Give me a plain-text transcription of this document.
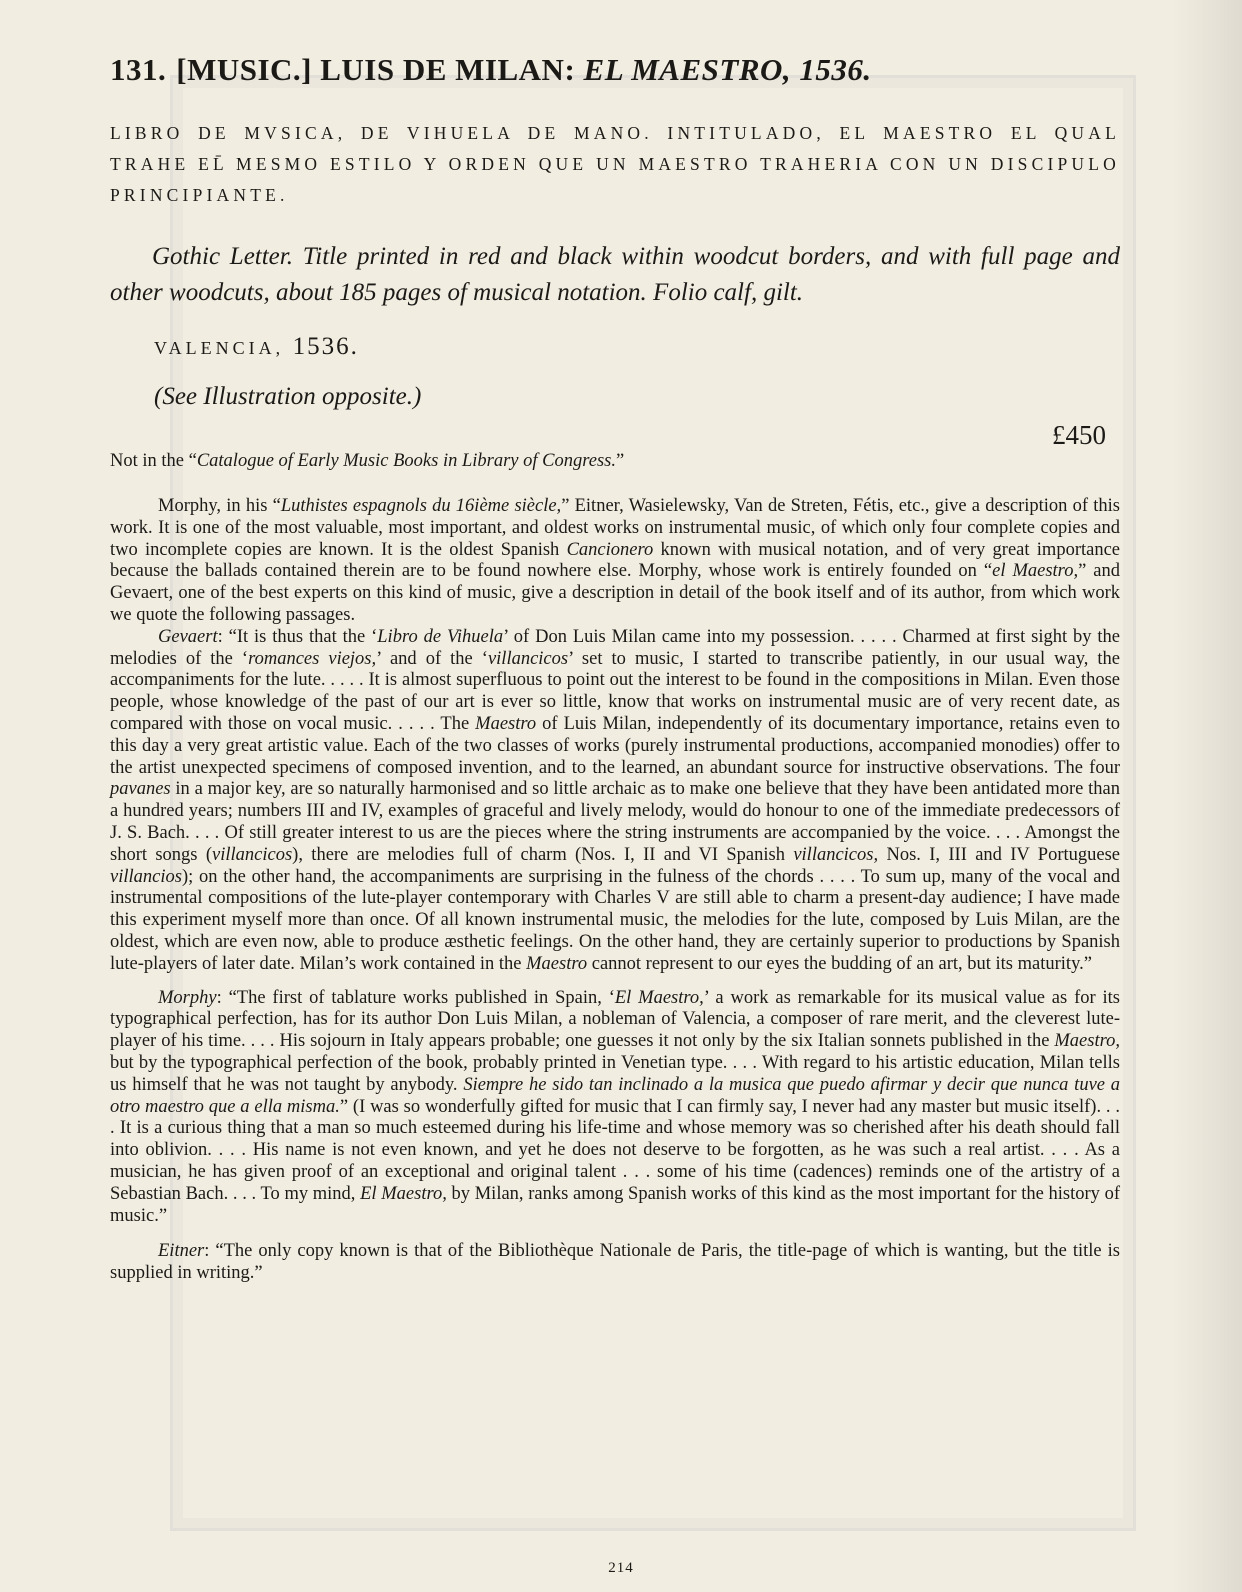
131. [MUSIC.] LUIS DE MILAN: EL MAESTRO, 1536.
LIBRO DE MVSICA, DE VIHUELA DE MANO. INTITULADO, EL MAESTRO EL QUAL TRAHE EL̄ MESMO ESTILO Y ORDEN QUE UN MAESTRO TRAHERIA CON UN DISCIPULO PRINCIPIANTE.
Gothic Letter. Title printed in red and black within woodcut borders, and with full page and other woodcuts, about 185 pages of musical notation. Folio calf, gilt.
VALENCIA, 1536.
(See Illustration opposite.)
£450
Not in the “Catalogue of Early Music Books in Library of Congress.”

Morphy, in his “Luthistes espagnols du 16ième siècle,” Eitner, Wasielewsky, Van de Streten, Fétis, etc., give a description of this work. It is one of the most valuable, most important, and oldest works on instrumental music, of which only four complete copies and two incomplete copies are known. It is the oldest Spanish Cancionero known with musical notation, and of very great importance because the ballads contained therein are to be found nowhere else. Morphy, whose work is entirely founded on “el Maestro,” and Gevaert, one of the best experts on this kind of music, give a description in detail of the book itself and of its author, from which work we quote the following passages.

Gevaert: “It is thus that the ‘Libro de Vihuela’ of Don Luis Milan came into my possession. . . . . Charmed at first sight by the melodies of the ‘romances viejos,’ and of the ‘villancicos’ set to music, I started to transcribe patiently, in our usual way, the accompaniments for the lute. . . . . It is almost superfluous to point out the interest to be found in the compositions in Milan. Even those people, whose knowledge of the past of our art is ever so little, know that works on instrumental music are of very recent date, as compared with those on vocal music. . . . . The Maestro of Luis Milan, independently of its documentary importance, retains even to this day a very great artistic value. Each of the two classes of works (purely instrumental productions, accompanied monodies) offer to the artist unexpected specimens of composed invention, and to the learned, an abundant source for instructive observations. The four pavanes in a major key, are so naturally harmonised and so little archaic as to make one believe that they have been antidated more than a hundred years; numbers III and IV, examples of graceful and lively melody, would do honour to one of the immediate predecessors of J. S. Bach. . . . Of still greater interest to us are the pieces where the string instruments are accompanied by the voice. . . . Amongst the short songs (villancicos), there are melodies full of charm (Nos. I, II and VI Spanish villancicos, Nos. I, III and IV Portuguese villancios); on the other hand, the accompaniments are surprising in the fulness of the chords . . . . To sum up, many of the vocal and instrumental compositions of the lute-player contemporary with Charles V are still able to charm a present-day audience; I have made this experiment myself more than once. Of all known instrumental music, the melodies for the lute, composed by Luis Milan, are the oldest, which are even now, able to produce æsthetic feelings. On the other hand, they are certainly superior to productions by Spanish lute-players of later date. Milan’s work contained in the Maestro cannot represent to our eyes the budding of an art, but its maturity.”

Morphy: “The first of tablature works published in Spain, ‘El Maestro,’ a work as remarkable for its musical value as for its typographical perfection, has for its author Don Luis Milan, a nobleman of Valencia, a composer of rare merit, and the cleverest lute-player of his time. . . . His sojourn in Italy appears probable; one guesses it not only by the six Italian sonnets published in the Maestro, but by the typographical perfection of the book, probably printed in Venetian type. . . . With regard to his artistic education, Milan tells us himself that he was not taught by anybody. Siempre he sido tan inclinado a la musica que puedo afirmar y decir que nunca tuve a otro maestro que a ella misma.” (I was so wonderfully gifted for music that I can firmly say, I never had any master but music itself). . . . It is a curious thing that a man so much esteemed during his life-time and whose memory was so cherished after his death should fall into oblivion. . . . His name is not even known, and yet he does not deserve to be forgotten, as he was such a real artist. . . . As a musician, he has given proof of an exceptional and original talent . . . some of his time (cadences) reminds one of the artistry of a Sebastian Bach. . . . To my mind, El Maestro, by Milan, ranks among Spanish works of this kind as the most important for the history of music.”

Eitner: “The only copy known is that of the Bibliothèque Nationale de Paris, the title-page of which is wanting, but the title is supplied in writing.”

214
